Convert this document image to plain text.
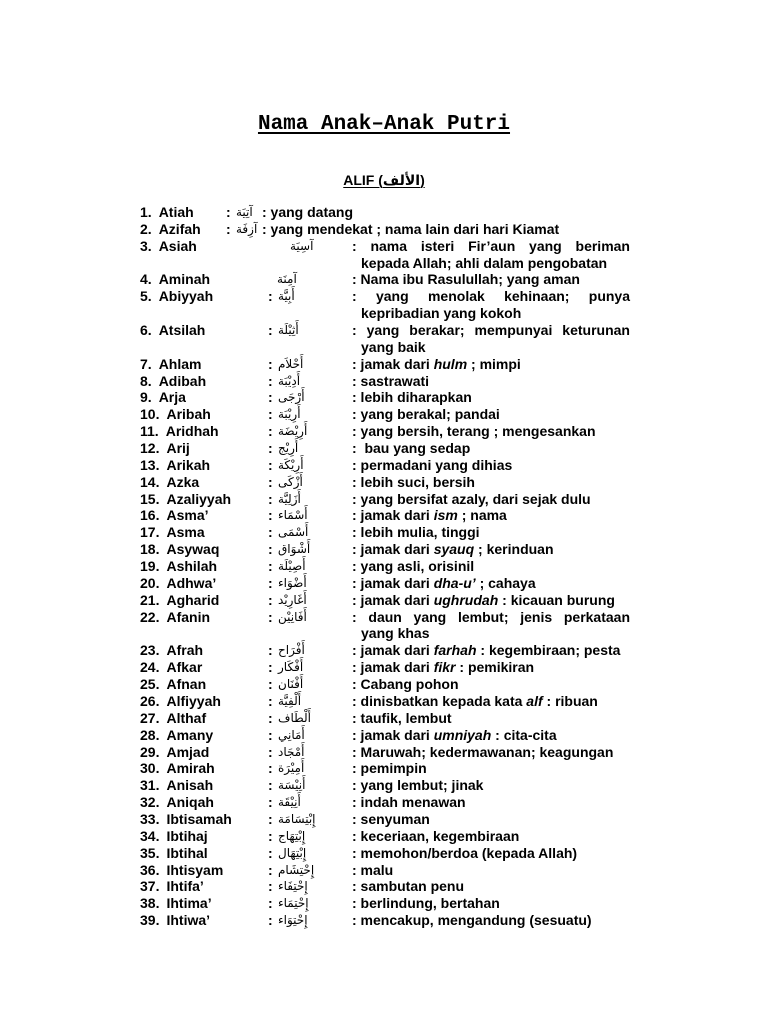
Nama Anak–Anak Putri
ALIF (الألف)
1. Atiah : آتِيَة : yang datang
2. Azifah : آزِفَة : yang mendekat ; nama lain dari hari Kiamat
3. Asiah	آسِيَة	: nama isteri Fir’aun yang beriman
kepada Allah; ahli dalam pengobatan
4. Aminah	آمِنَة	: Nama ibu Rasulullah; yang aman
5. Abiyyah	: أَبِيَّة	: yang menolak kehinaan; punya
kepribadian yang kokoh
6. Atsilah	: أَثِيْلَة	: yang berakar; mempunyai keturunan
yang baik
7. Ahlam	: أَحْلاَم	: jamak dari hulm ; mimpi
8. Adibah	: أَدِيْبَة	: sastrawati
9. Arja	: أَرْجَى	: lebih diharapkan
10. Aribah	: أَرِيْبَة	: yang berakal; pandai
11. Aridhah	: أَرِيْضَة	: yang bersih, terang ; mengesankan
12. Arij	: أَرِيْج	:  bau yang sedap
13. Arikah	: أَرِيْكَة	: permadani yang dihias
14. Azka	: أَزْكَى	: lebih suci, bersih
15. Azaliyyah	: أَزَلِيَّة	: yang bersifat azaly, dari sejak dulu
16. Asma’	: أَسْمَاء	: jamak dari ism ; nama
17. Asma	: أَسْمَى	: lebih mulia, tinggi
18. Asywaq	: أَشْوَاق	: jamak dari syauq ; kerinduan
19. Ashilah	: أَصِيْلَة	: yang asli, orisinil
20. Adhwa’	: أَضْوَاء	: jamak dari dha-u’ ; cahaya
21. Agharid	: أَغَارِيْد	: jamak dari ughrudah : kicauan burung
22. Afanin	: أَفَانِيْن	: daun yang lembut; jenis perkataan
yang khas
23. Afrah	: أَفْرَاح	: jamak dari farhah : kegembiraan; pesta
24. Afkar	: أَفْكَار	: jamak dari fikr : pemikiran
25. Afnan	: أَفْنَان	: Cabang pohon
26. Alfiyyah	: أَلْفِيَّة	: dinisbatkan kepada kata alf : ribuan
27. Althaf	: أَلْطَاف	: taufik, lembut
28. Amany	: أَمَانِي	: jamak dari umniyah : cita-cita
29. Amjad	: أَمْجَاد	: Maruwah; kedermawanan; keagungan
30. Amirah	: أَمِيْرَة	: pemimpin
31. Anisah	: أَنِيْسَة	: yang lembut; jinak
32. Aniqah	: أَنِيْقَة	: indah menawan
33. Ibtisamah	: إِبْتِسَامَة	: senyuman
34. Ibtihaj	: إِبْتِهَاج	: keceriaan, kegembiraan
35. Ibtihal	: إِبْتِهَال	: memohon/berdoa (kepada Allah)
36. Ihtisyam	: إِحْتِشَام	: malu
37. Ihtifa’	: إِحْتِفَاء	: sambutan penu
38. Ihtima’	: إِحْتِمَاء	: berlindung, bertahan
39. Ihtiwa’	: إِحْتِوَاء	: mencakup, mengandung (sesuatu)
